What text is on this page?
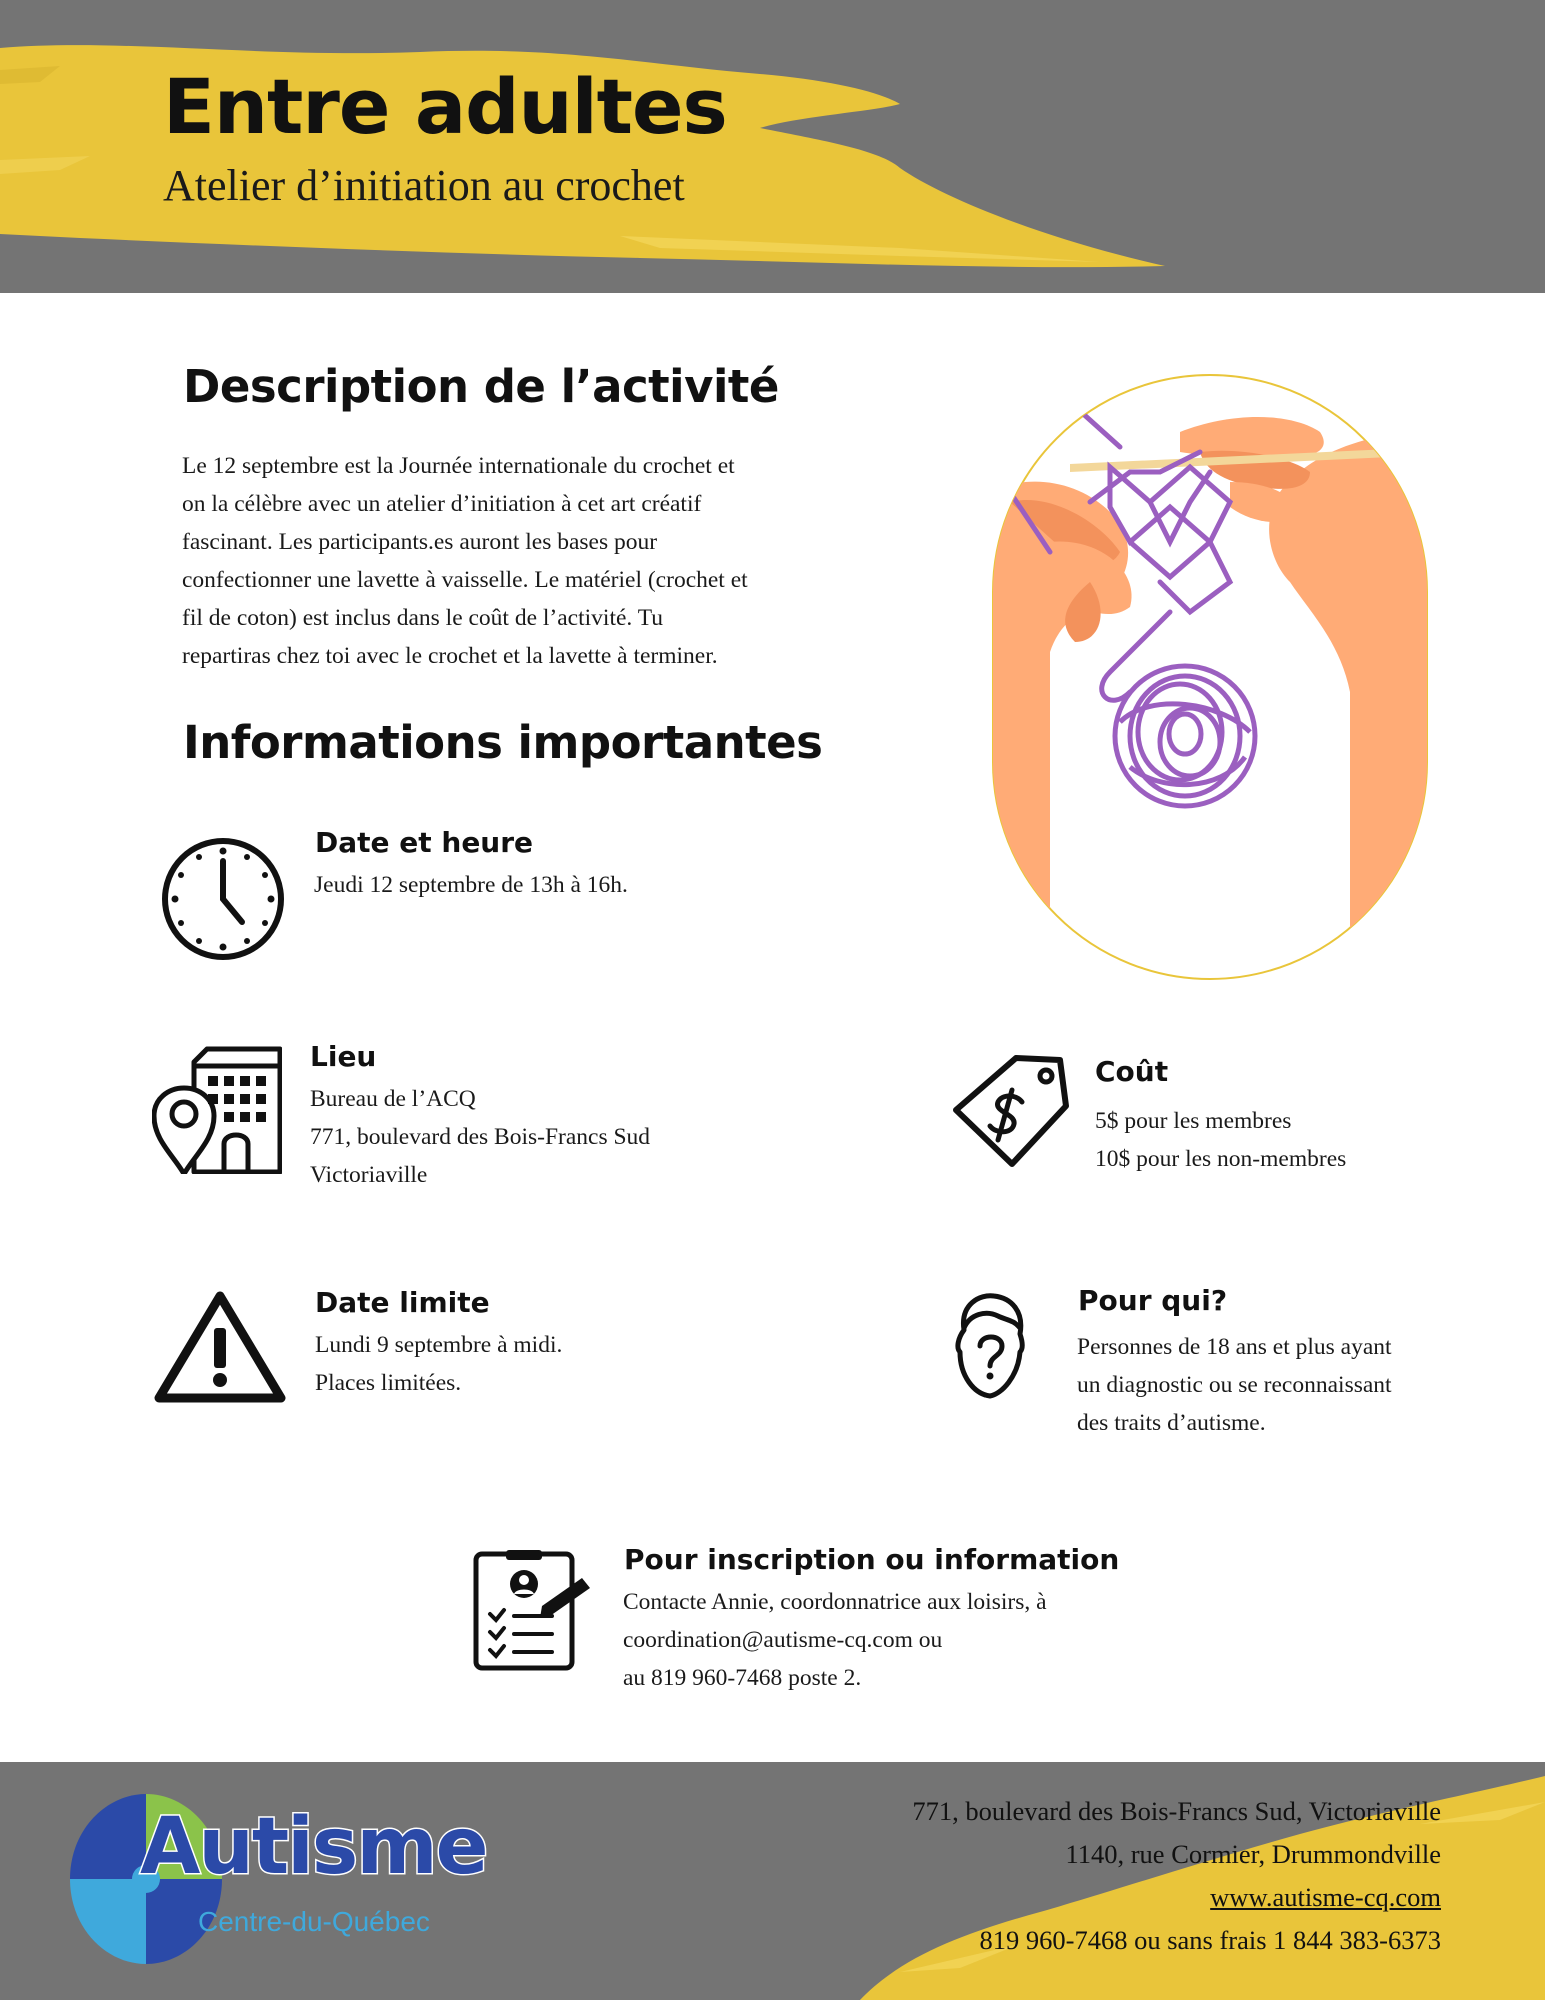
Entre adultes
Atelier d’initiation au crochet
Description de l’activité
Le 12 septembre est la Journée internationale du crochet et
on la célèbre avec un atelier d’initiation à cet art créatif
fascinant. Les participants.es auront les bases pour
confectionner une lavette à vaisselle. Le matériel (crochet et
fil de coton) est inclus dans le coût de l’activité. Tu
repartiras chez toi avec le crochet et la lavette à terminer.
Informations importantes
Date et heure
Jeudi 12 septembre de 13h à 16h.
Lieu
Bureau de l’ACQ
771, boulevard des Bois-Francs Sud
Victoriaville
Coût
5$ pour les membres
10$ pour les non-membres
Date limite
Lundi 9 septembre à midi.
Places limitées.
Pour qui?
Personnes de 18 ans et plus ayant
un diagnostic ou se reconnaissant
des traits d’autisme.
Pour inscription ou information
Contacte Annie, coordonnatrice aux loisirs, à
coordination@autisme-cq.com ou
au 819 960-7468 poste 2.
Autisme
Centre-du-Québec
771, boulevard des Bois-Francs Sud, Victoriaville
1140, rue Cormier, Drummondville
www.autisme-cq.com
819 960-7468 ou sans frais 1 844 383-6373
